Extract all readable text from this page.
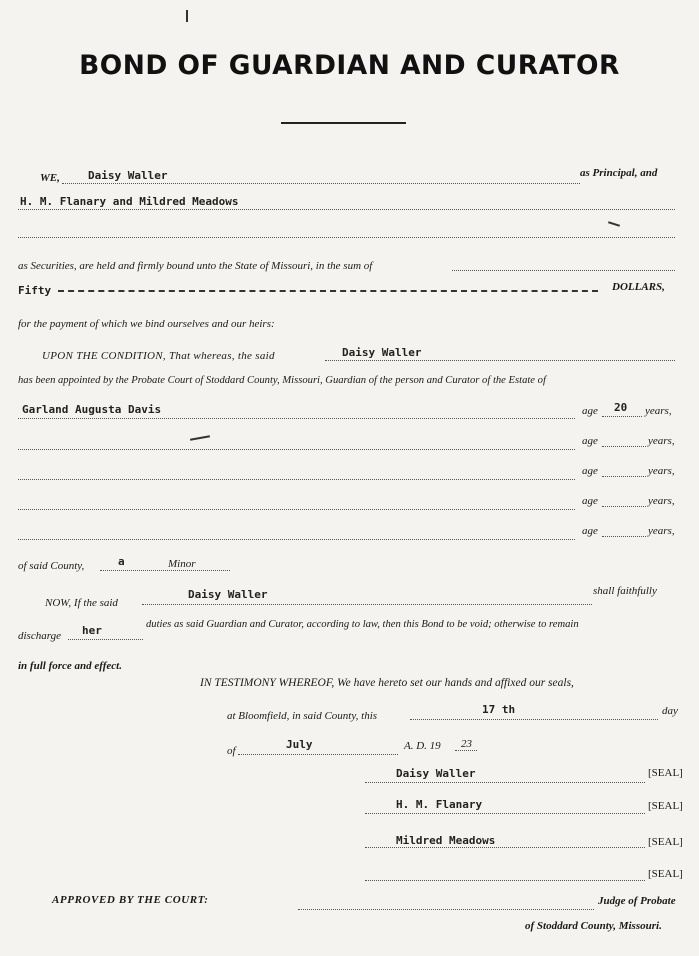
BOND OF GUARDIAN AND CURATOR
WE,	Daisy Waller	as Principal, and
H. M. Flanary and Mildred Meadows
as Securities, are held and firmly bound unto the State of Missouri, in the sum of
Fifty	DOLLARS,
for the payment of which we bind ourselves and our heirs:
UPON THE CONDITION, That whereas, the said	Daisy Waller
has been appointed by the Probate Court of Stoddard County, Missouri, Guardian of the person and Curator of the Estate of
Garland Augusta Davis	age 20 years,
age	years,
age	years,
age	years,
age	years,
of said County,	a	Minor
NOW, If the said
Daisy Waller	shall faithfully
discharge her	duties as said Guardian and Curator, according to law, then this Bond to be void; otherwise to remain
in full force and effect.
IN TESTIMONY WHEREOF, We have hereto set our hands and affixed our seals,
at Bloomfield, in said County, this	17 th	day
of	July	A. D. 19 23
Daisy Waller	[SEAL]
H. M. Flanary	[SEAL]
Mildred Meadows	[SEAL]
[SEAL]
APPROVED BY THE COURT:	Judge of Probate
of Stoddard County, Missouri.
